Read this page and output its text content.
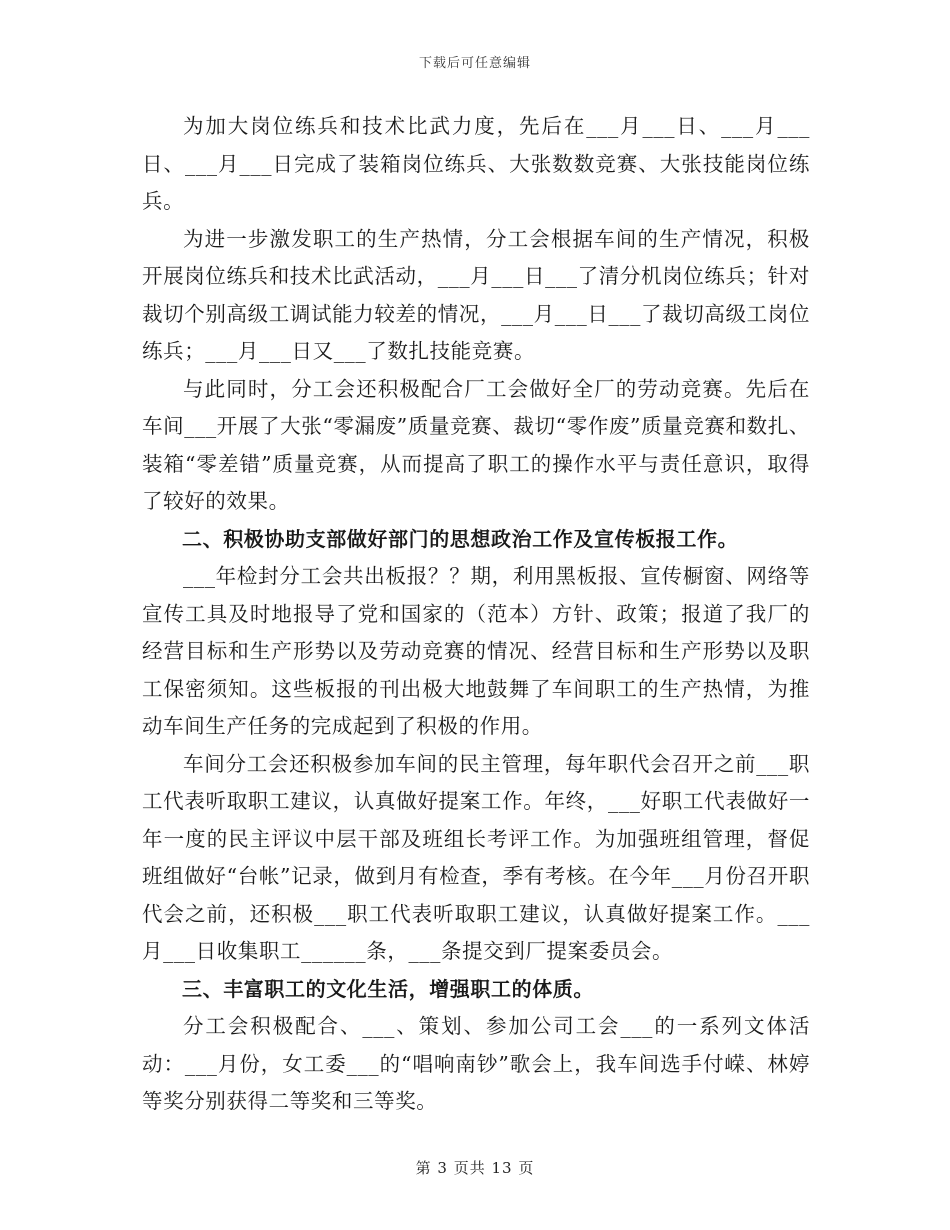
下载后可任意编辑

为加大岗位练兵和技术比武力度，先后在___月___日、___月___日、___月___日完成了装箱岗位练兵、大张数数竞赛、大张技能岗位练兵。

为进一步激发职工的生产热情，分工会根据车间的生产情况，积极开展岗位练兵和技术比武活动，___月___日___了清分机岗位练兵；针对裁切个别高级工调试能力较差的情况，___月___日___了裁切高级工岗位练兵；___月___日又___了数扎技能竞赛。

与此同时，分工会还积极配合厂工会做好全厂的劳动竞赛。先后在车间___开展了大张“零漏废”质量竞赛、裁切“零作废”质量竞赛和数扎、装箱“零差错”质量竞赛，从而提高了职工的操作水平与责任意识，取得了较好的效果。

二、积极协助支部做好部门的思想政治工作及宣传板报工作。

___年检封分工会共出板报？？期，利用黑板报、宣传橱窗、网络等宣传工具及时地报导了党和国家的（范本）方针、政策；报道了我厂的经营目标和生产形势以及劳动竞赛的情况、经营目标和生产形势以及职工保密须知。这些板报的刊出极大地鼓舞了车间职工的生产热情，为推动车间生产任务的完成起到了积极的作用。

车间分工会还积极参加车间的民主管理，每年职代会召开之前___职工代表听取职工建议，认真做好提案工作。年终，___好职工代表做好一年一度的民主评议中层干部及班组长考评工作。为加强班组管理，督促班组做好“台帐”记录，做到月有检查，季有考核。在今年___月份召开职代会之前，还积极___职工代表听取职工建议，认真做好提案工作。___月___日收集职工______条，___条提交到厂提案委员会。

三、丰富职工的文化生活，增强职工的体质。

分工会积极配合、___、策划、参加公司工会___的一系列文体活动：___月份，女工委___的“唱响南钞”歌会上，我车间选手付嵘、林婷等奖分别获得二等奖和三等奖。

第 3 页共 13 页
